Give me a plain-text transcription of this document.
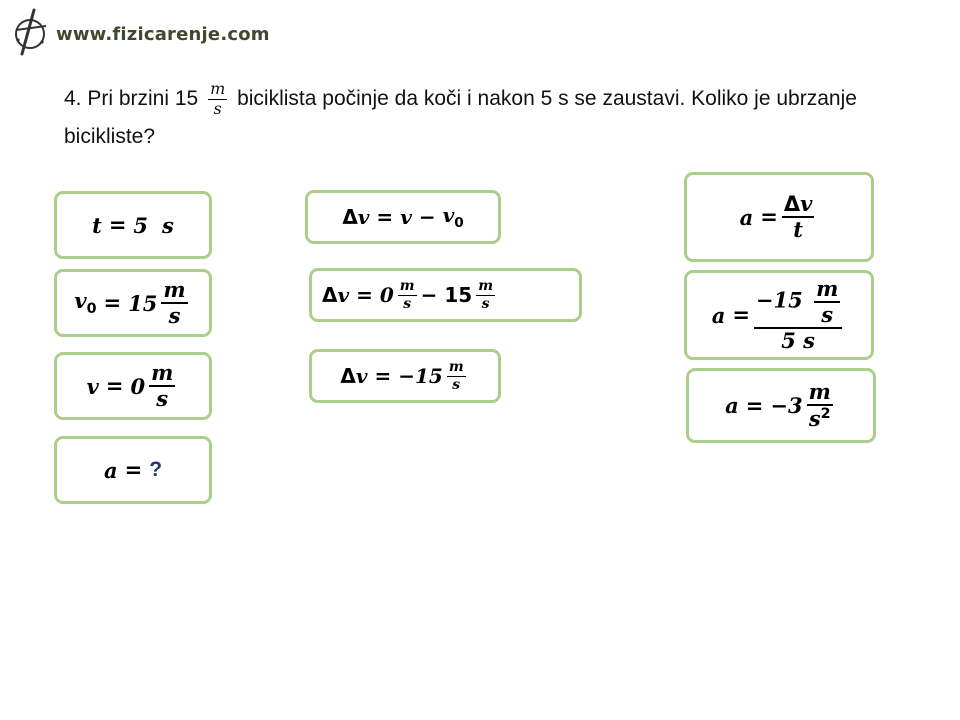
www.fizicarenje.com
4. Pri brzini $15 \frac{m}{s}$ biciklista počinje da koči i nakon 5 s se zaustavi. Koliko je ubrzanje bicikliste?
t = 5 s
$v_0 = 15 \frac{m}{s}$
$v = 0 \frac{m}{s}$
a = ?
Δ $v = v - v_0$
Δ $v = 0 \frac{m}{s} - 15 \frac{m}{s}$
Δ $v = -15 \frac{m}{s}$
$a = \frac{\Delta v}{t}$
$a = \frac{-15 \frac{m}{s}}{5 s}$
$a = -3 \frac{m}{s^2}$
